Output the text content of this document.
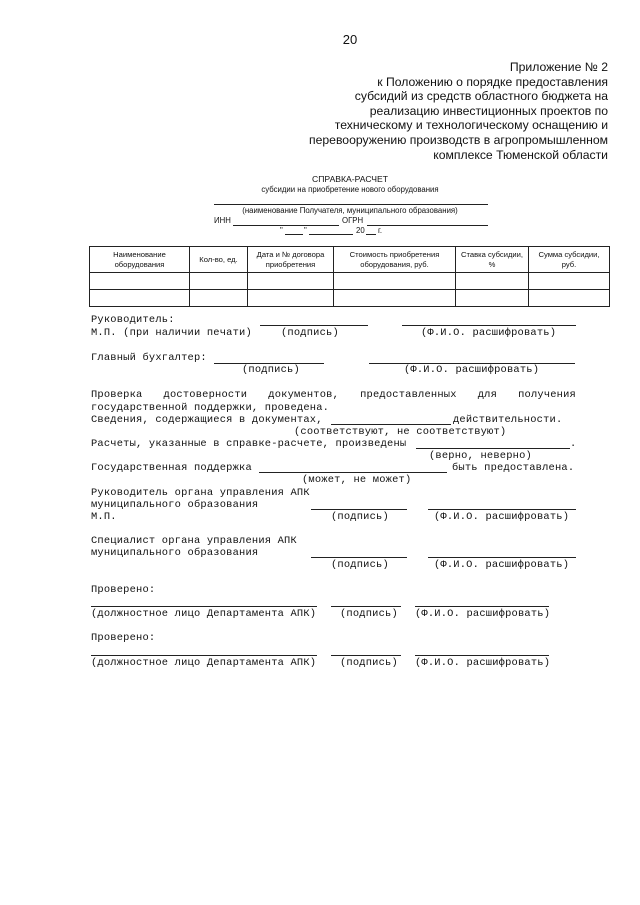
20
Приложение № 2
к Положению о порядке предоставления
субсидий из средств областного бюджета на
реализацию инвестиционных проектов по
техническому и технологическому оснащению и
перевооружению производств в агропромышленном
комплексе Тюменской области
СПРАВКА-РАСЧЕТ
субсидии на приобретение нового оборудования
(наименование Получателя, муниципального образования)
ИНН	ОГРН
"	"	20 г.
Наименование оборудования	Кол-во, ед.	Дата и № договора приобретения	Стоимость приобретения оборудования, руб.	Ставка субсидии, %	Сумма субсидии, руб.

Руководитель:
М.П. (при наличии печати)	(подпись)	(Ф.И.О. расшифровать)
Главный бухгалтер:
(подпись)	(Ф.И.О. расшифровать)
Проверка достоверности документов, предоставленных для получения
государственной поддержки, проведена.
Сведения, содержащиеся в документах,	действительности.
(соответствуют, не соответствуют)
Расчеты, указанные в справке-расчете, произведены	.
(верно, неверно)
Государственная поддержка	быть предоставлена.
(может, не может)
Руководитель органа управления АПК
муниципального образования
М.П.	(подпись)	(Ф.И.О. расшифровать)
Специалист органа управления АПК
муниципального образования
(подпись)	(Ф.И.О. расшифровать)
Проверено:
(должностное лицо Департамента АПК) (подпись) (Ф.И.О. расшифровать)
Проверено:
(должностное лицо Департамента АПК) (подпись) (Ф.И.О. расшифровать)
